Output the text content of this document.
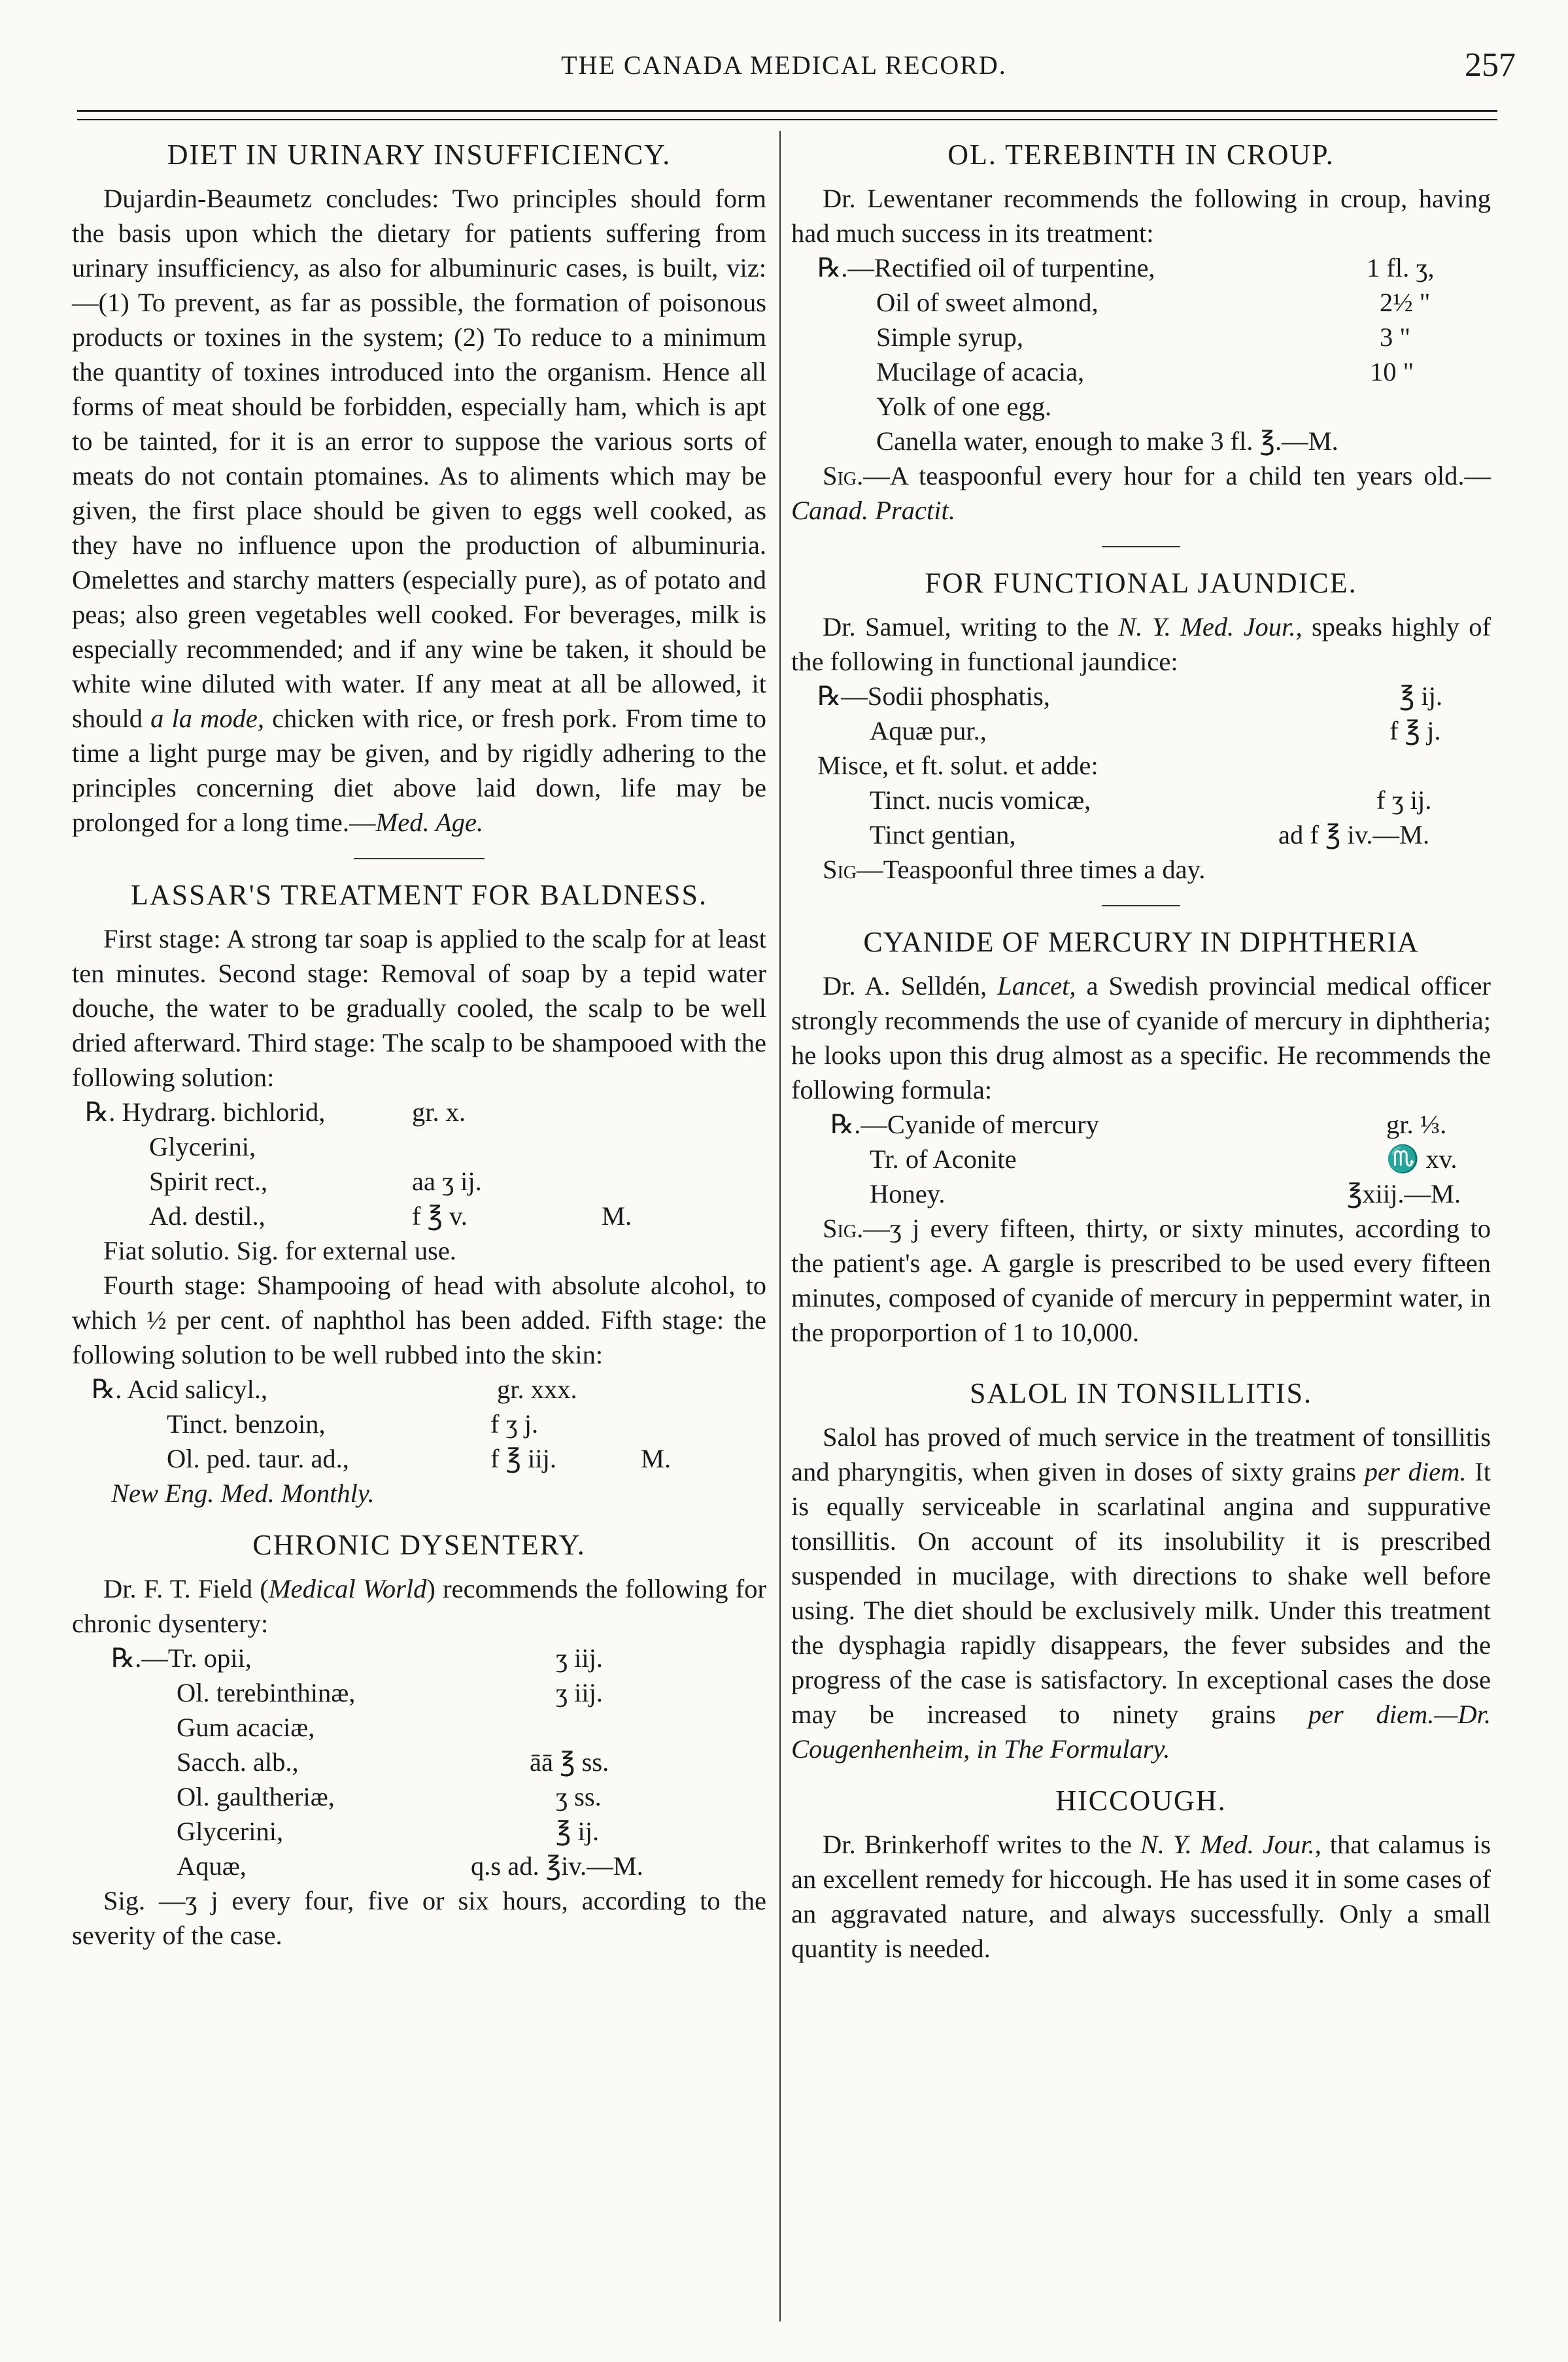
THE CANADA MEDICAL RECORD.	257
DIET IN URINARY INSUFFICIENCY.

Dujardin-Beaumetz concludes: Two principles should form the basis upon which the dietary for patients suffering from urinary insufficiency, as also for albuminuric cases, is built, viz:—(1) To prevent, as far as possible, the formation of poisonous products or toxines in the system; (2) To reduce to a minimum the quantity of toxines introduced into the organism. Hence all forms of meat should be forbidden, especially ham, which is apt to be tainted, for it is an error to suppose the various sorts of meats do not contain ptomaines. As to aliments which may be given, the first place should be given to eggs well cooked, as they have no influence upon the production of albuminuria. Omelettes and starchy matters (especially pure), as of potato and peas; also green vegetables well cooked. For beverages, milk is especially recommended; and if any wine be taken, it should be white wine diluted with water. If any meat at all be allowed, it should a la mode, chicken with rice, or fresh pork. From time to time a light purge may be given, and by rigidly adhering to the principles concerning diet above laid down, life may be prolonged for a long time.—Med. Age.

LASSAR'S TREATMENT FOR BALDNESS.

First stage: A strong tar soap is applied to the scalp for at least ten minutes. Second stage: Removal of soap by a tepid water douche, the water to be gradually cooled, the scalp to be well dried afterward. Third stage: The scalp to be shampooed with the following solution:

℞. Hydrarg. bichlorid,	gr. x.
Glycerini,
Spirit rect.,	aa ʒ ij.
Ad. destil.,	f ℥ v.	M.

Fiat solutio. Sig. for external use.

Fourth stage: Shampooing of head with absolute alcohol, to which ½ per cent. of naphthol has been added. Fifth stage: the following solution to be well rubbed into the skin:

℞. Acid salicyl.,	gr. xxx.
Tinct. benzoin,	f ʒ j.
Ol. ped. taur. ad.,	f ℥ iij.	M.

New Eng. Med. Monthly.

CHRONIC DYSENTERY.

Dr. F. T. Field (Medical World) recommends the following for chronic dysentery:

℞.—Tr. opii,	ʒ iij.
Ol. terebinthinæ,	ʒ iij.
Gum acaciæ,
Sacch. alb.,	āā ℥ ss.
Ol. gaultheriæ,	ʒ ss.
Glycerini,	℥ ij.
Aquæ,	q.s ad. ℥iv.—M.

Sig. —ʒ j every four, five or six hours, according to the severity of the case.

OL. TEREBINTH IN CROUP.

Dr. Lewentaner recommends the following in croup, having had much success in its treatment:

℞.—Rectified oil of turpentine,	1 fl. ʒ,
Oil of sweet almond,	2½ "
Simple syrup,	3 "
Mucilage of acacia,	10 "
Yolk of one egg.
Canella water, enough to make 3 fl. ℥.—M.

Sig.—A teaspoonful every hour for a child ten years old.—Canad. Practit.

FOR FUNCTIONAL JAUNDICE.

Dr. Samuel, writing to the N. Y. Med. Jour., speaks highly of the following in functional jaundice:

℞—Sodii phosphatis,	℥ ij.
Aquæ pur.,	f ℥ j.
Misce, et ft. solut. et adde:
Tinct. nucis vomicæ,	f ʒ ij.
Tinct gentian,	ad f ℥ iv.—M.

Sig—Teaspoonful three times a day.

CYANIDE OF MERCURY IN DIPHTHERIA

Dr. A. Selldén, Lancet, a Swedish provincial medical officer strongly recommends the use of cyanide of mercury in diphtheria; he looks upon this drug almost as a specific. He recommends the following formula:

℞.—Cyanide of mercury	gr. ⅓.
Tr. of Aconite	♏ xv.
Honey.	℥xiij.—M.

Sig.—ʒ j every fifteen, thirty, or sixty minutes, according to the patient's age. A gargle is prescribed to be used every fifteen minutes, composed of cyanide of mercury in peppermint water, in the proporportion of 1 to 10,000.

SALOL IN TONSILLITIS.

Salol has proved of much service in the treatment of tonsillitis and pharyngitis, when given in doses of sixty grains per diem. It is equally serviceable in scarlatinal angina and suppurative tonsillitis. On account of its insolubility it is prescribed suspended in mucilage, with directions to shake well before using. The diet should be exclusively milk. Under this treatment the dysphagia rapidly disappears, the fever subsides and the progress of the case is satisfactory. In exceptional cases the dose may be increased to ninety grains per diem.—Dr. Cougenhenheim, in The Formulary.

HICCOUGH.

Dr. Brinkerhoff writes to the N. Y. Med. Jour., that calamus is an excellent remedy for hiccough. He has used it in some cases of an aggravated nature, and always successfully. Only a small quantity is needed.
